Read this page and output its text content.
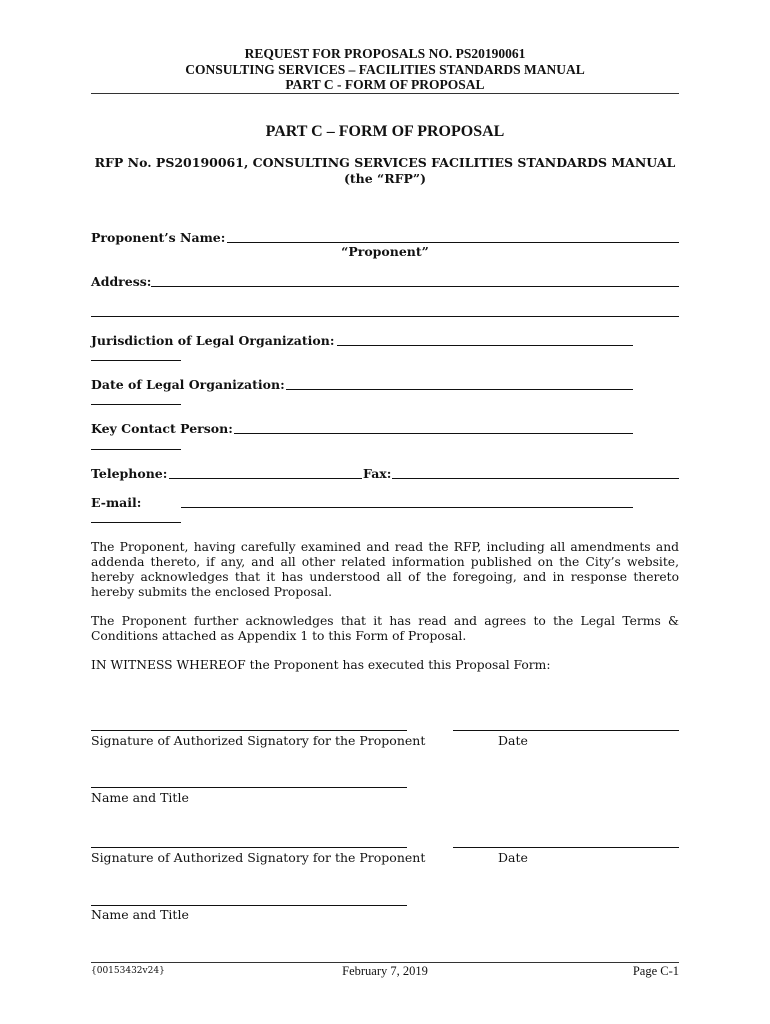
REQUEST FOR PROPOSALS NO. PS20190061
CONSULTING SERVICES – FACILITIES STANDARDS MANUAL
PART C - FORM OF PROPOSAL
PART C – FORM OF PROPOSAL
RFP No. PS20190061, CONSULTING SERVICES FACILITIES STANDARDS MANUAL
(the “RFP”)
Proponent’s Name:
“Proponent”
Address:
Jurisdiction of Legal Organization:
Date of Legal Organization:
Key Contact Person:
Telephone:	Fax:
E-mail:
The Proponent, having carefully examined and read the RFP, including all amendments and addenda thereto, if any, and all other related information published on the City’s website, hereby acknowledges that it has understood all of the foregoing, and in response thereto hereby submits the enclosed Proposal.
The Proponent further acknowledges that it has read and agrees to the Legal Terms & Conditions attached as Appendix 1 to this Form of Proposal.
IN WITNESS WHEREOF the Proponent has executed this Proposal Form:
Signature of Authorized Signatory for the Proponent	Date
Name and Title
Signature of Authorized Signatory for the Proponent	Date
Name and Title
{00153432v24}	February 7, 2019	Page C-1
